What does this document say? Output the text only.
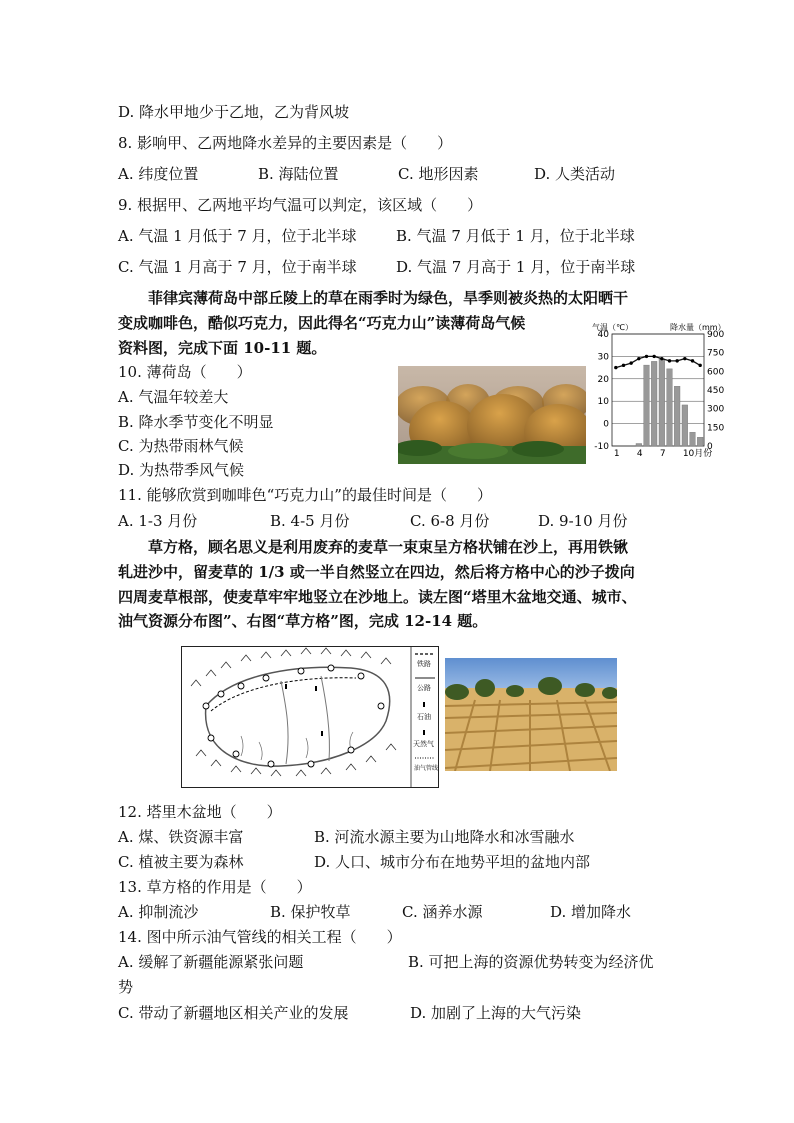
D. 降水甲地少于乙地，乙为背风坡
8. 影响甲、乙两地降水差异的主要因素是（　　）
A. 纬度位置	B. 海陆位置	C. 地形因素	D. 人类活动
9. 根据甲、乙两地平均气温可以判定，该区域（　　）
A. 气温 1 月低于 7 月，位于北半球	B. 气温 7 月低于 1 月，位于北半球
C. 气温 1 月高于 7 月，位于南半球	D. 气温 7 月高于 1 月，位于南半球
菲律宾薄荷岛中部丘陵上的草在雨季时为绿色，旱季则被炎热的太阳晒干
变成咖啡色，酷似巧克力，因此得名“巧克力山”读薄荷岛气候
资料图，完成下面 10-11 题。
气温（℃）	降水量（mm）
40
30
20
10
0
-10
900
750
600
450
300
150
0
1 4 7 10月份
10. 薄荷岛（　　）
A. 气温年较差大
B. 降水季节变化不明显
C. 为热带雨林气候
D. 为热带季风气候
11. 能够欣赏到咖啡色“巧克力山”的最佳时间是（　　）
A. 1-3 月份	B. 4-5 月份	C. 6-8 月份	D. 9-10 月份
草方格，顾名思义是利用废弃的麦草一束束呈方格状铺在沙上，再用铁锹
轧进沙中，留麦草的 1/3 或一半自然竖立在四边，然后将方格中心的沙子拨向
四周麦草根部，使麦草牢牢地竖立在沙地上。读左图“塔里木盆地交通、城市、
油气资源分布图”、右图“草方格”图，完成 12-14 题。
铁路
公路
石油
天然气
油气管线
12. 塔里木盆地（　　）
A. 煤、铁资源丰富	B. 河流水源主要为山地降水和冰雪融水
C. 植被主要为森林	D. 人口、城市分布在地势平坦的盆地内部
13. 草方格的作用是（　　）
A. 抑制流沙	B. 保护牧草	C. 涵养水源	D. 增加降水
14. 图中所示油气管线的相关工程（　　）
A. 缓解了新疆能源紧张问题	B. 可把上海的资源优势转变为经济优
势
C. 带动了新疆地区相关产业的发展	D. 加剧了上海的大气污染
